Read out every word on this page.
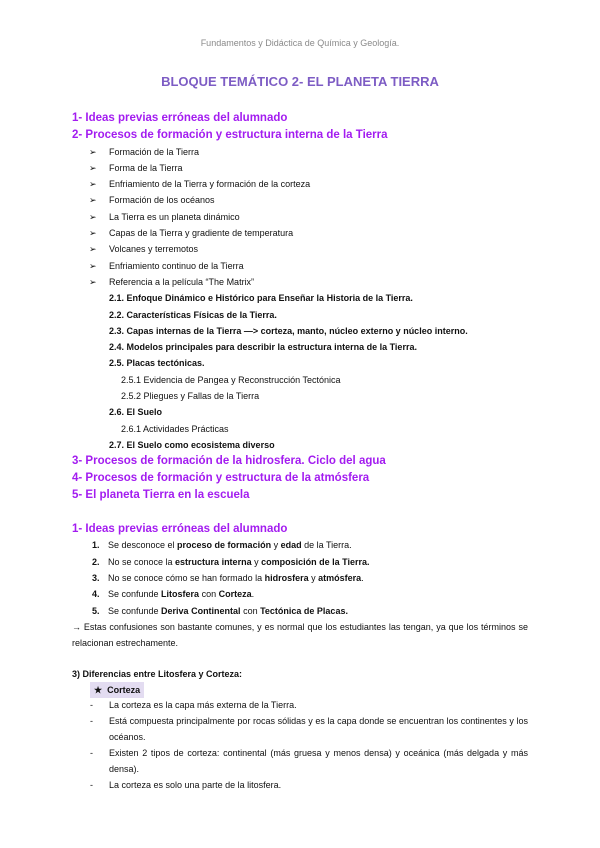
Fundamentos y Didáctica de Química y Geología.
BLOQUE TEMÁTICO 2- EL PLANETA TIERRA
1- Ideas previas erróneas del alumnado
2- Procesos de formación y estructura interna de la Tierra
➢ Formación de la Tierra
➢ Forma de la Tierra
➢ Enfriamiento de la Tierra y formación de la corteza
➢ Formación de los océanos
➢ La Tierra es un planeta dinámico
➢ Capas de la Tierra y gradiente de temperatura
➢ Volcanes y terremotos
➢ Enfriamiento continuo de la Tierra
➢ Referencia a la película “The Matrix”
2.1. Enfoque Dinámico e Histórico para Enseñar la Historia de la Tierra.
2.2. Características Físicas de la Tierra.
2.3. Capas internas de la Tierra —> corteza, manto, núcleo externo y núcleo interno.
2.4. Modelos principales para describir la estructura interna de la Tierra.
2.5. Placas tectónicas.
2.5.1 Evidencia de Pangea y Reconstrucción Tectónica
2.5.2 Pliegues y Fallas de la Tierra
2.6. El Suelo
2.6.1 Actividades Prácticas
2.7. El Suelo como ecosistema diverso
3- Procesos de formación de la hidrosfera. Ciclo del agua
4- Procesos de formación y estructura de la atmósfera
5- El planeta Tierra en la escuela
1- Ideas previas erróneas del alumnado
1. Se desconoce el proceso de formación y edad de la Tierra.
2. No se conoce la estructura interna y composición de la Tierra.
3. No se conoce cómo se han formado la hidrosfera y atmósfera.
4. Se confunde Litosfera con Corteza.
5. Se confunde Deriva Continental con Tectónica de Placas.
→ Estas confusiones son bastante comunes, y es normal que los estudiantes las tengan, ya que los términos se relacionan estrechamente.
3) Diferencias entre Litosfera y Corteza:
★ Corteza
- La corteza es la capa más externa de la Tierra.
- Está compuesta principalmente por rocas sólidas y es la capa donde se encuentran los continentes y los océanos.
- Existen 2 tipos de corteza: continental (más gruesa y menos densa) y oceánica (más delgada y más densa).
- La corteza es solo una parte de la litosfera.
